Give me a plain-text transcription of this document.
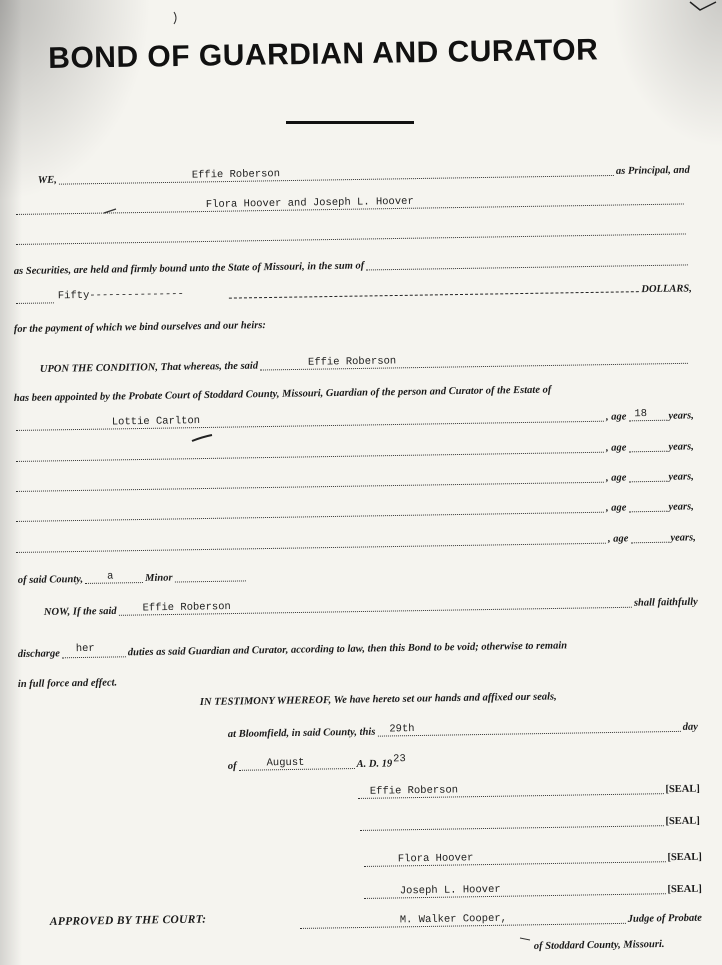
BOND OF GUARDIAN AND CURATOR
WE,	Effie Roberson	as Principal, and
Flora Hoover and Joseph L. Hoover
as Securities, are held and firmly bound unto the State of Missouri, in the sum of
Fifty---------------	DOLLARS,
for the payment of which we bind ourselves and our heirs:
UPON THE CONDITION, That whereas, the said	Effie Roberson
has been appointed by the Probate Court of Stoddard County, Missouri, Guardian of the person and Curator of the Estate of
Lottie Carlton	, age 18 years,
, age	years,
, age	years,
, age	years,
, age	years,
of said County, a	Minor
NOW, If the said Effie Roberson	shall faithfully
discharge her	duties as said Guardian and Curator, according to law, then this Bond to be void; otherwise to remain
in full force and effect.
IN TESTIMONY WHEREOF, We have hereto set our hands and affixed our seals,
at Bloomfield, in said County, this 29th	day
of	August	A. D. 19 23
Effie Roberson	[SEAL]
[SEAL]
Flora Hoover	[SEAL]
Joseph L. Hoover	[SEAL]
APPROVED BY THE COURT:	M. Walker Cooper,	Judge of Probate
of Stoddard County, Missouri.
